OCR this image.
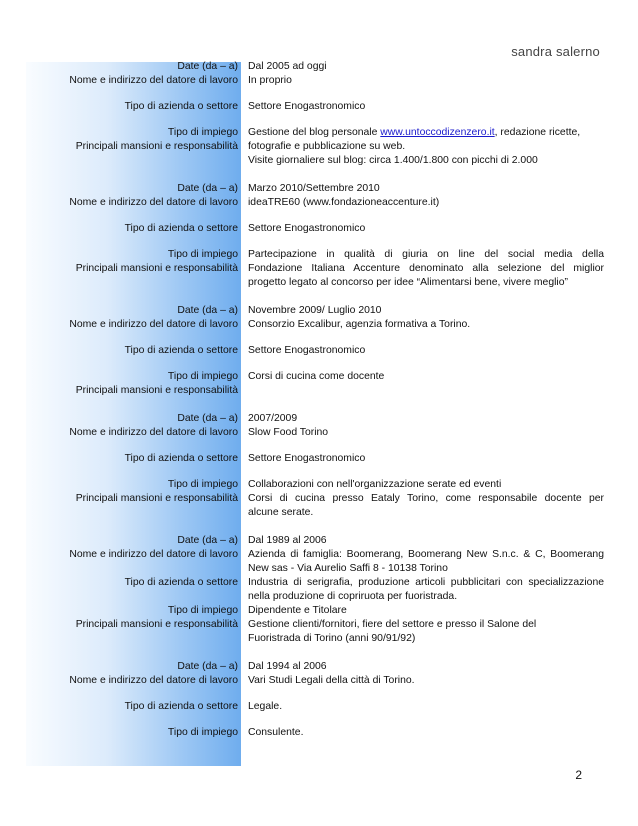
sandra salerno
Date (da – a) Dal 2005 ad oggi
Nome e indirizzo del datore di lavoro In proprio
Tipo di azienda o settore Settore Enogastronomico
Tipo di impiego
Principali mansioni e responsabilità
Gestione del blog personale www.untoccodizenzero.it, redazione ricette,
fotografie e pubblicazione su web.
Visite giornaliere sul blog: circa 1.400/1.800 con picchi di 2.000
Date (da – a) Marzo 2010/Settembre 2010
Nome e indirizzo del datore di lavoro ideaTRE60 (www.fondazioneaccenture.it)
Tipo di azienda o settore Settore Enogastronomico
Tipo di impiego
Principali mansioni e responsabilità
Partecipazione in qualità di giuria on line del social media della
Fondazione Italiana Accenture denominato alla selezione del miglior
progetto legato al concorso per idee “Alimentarsi bene, vivere meglio”
Date (da – a) Novembre 2009/ Luglio 2010
Nome e indirizzo del datore di lavoro Consorzio Excalibur, agenzia formativa a Torino.
Tipo di azienda o settore Settore Enogastronomico
Tipo di impiego
Principali mansioni e responsabilità
Corsi di cucina come docente
Date (da – a) 2007/2009
Nome e indirizzo del datore di lavoro Slow Food Torino
Tipo di azienda o settore Settore Enogastronomico
Tipo di impiego
Principali mansioni e responsabilità
Collaborazioni con nell'organizzazione serate ed eventi
Corsi di cucina presso Eataly Torino, come responsabile docente per
alcune serate.
Date (da – a) Dal 1989 al 2006
Nome e indirizzo del datore di lavoro Azienda di famiglia: Boomerang, Boomerang New S.n.c. & C, Boomerang
New sas - Via Aurelio Saffi 8 - 10138 Torino
Tipo di azienda o settore Industria di serigrafia, produzione articoli pubblicitari con specializzazione
nella produzione di copriruota per fuoristrada.
Tipo di impiego Dipendente e Titolare
Principali mansioni e responsabilità Gestione clienti/fornitori, fiere del settore e presso il Salone del
Fuoristrada di Torino (anni 90/91/92)
Date (da – a) Dal 1994 al 2006
Nome e indirizzo del datore di lavoro Vari Studi Legali della città di Torino.
Tipo di azienda o settore Legale.
Tipo di impiego Consulente.
2
